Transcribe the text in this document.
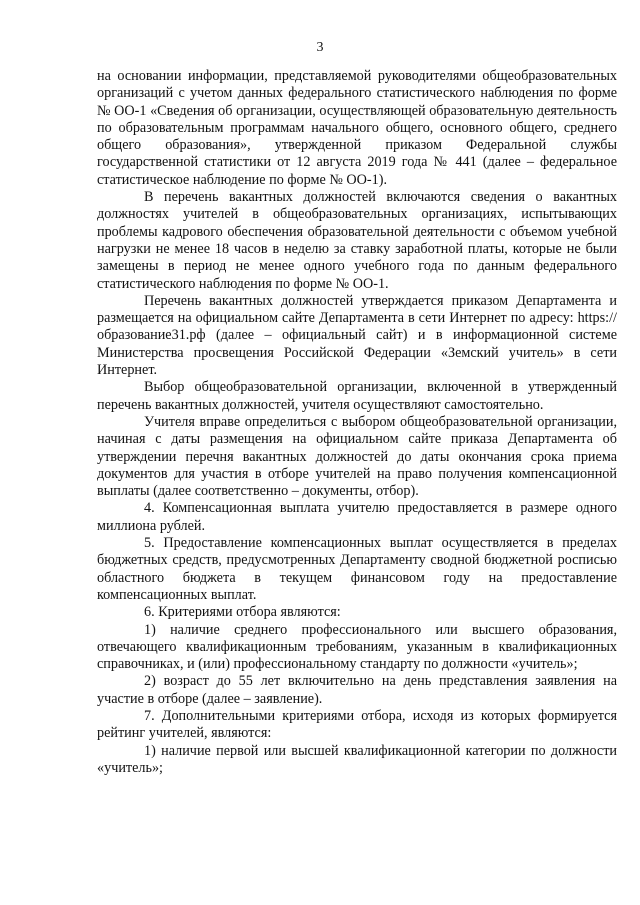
3

на основании информации, представляемой руководителями общеобразовательных организаций с учетом данных федерального статистического наблюдения по форме № ОО-1 «Сведения об организации, осуществляющей образовательную деятельность по образовательным программам начального общего, основного общего, среднего общего образования», утвержденной приказом Федеральной службы государственной статистики от 12 августа 2019 года № 441 (далее – федеральное статистическое наблюдение по форме № ОО-1).

В перечень вакантных должностей включаются сведения о вакантных должностях учителей в общеобразовательных организациях, испытывающих проблемы кадрового обеспечения образовательной деятельности с объемом учебной нагрузки не менее 18 часов в неделю за ставку заработной платы, которые не были замещены в период не менее одного учебного года по данным федерального статистического наблюдения по форме № ОО-1.

Перечень вакантных должностей утверждается приказом Департамента и размещается на официальном сайте Департамента в сети Интернет по адресу: https://образование31.рф (далее – официальный сайт) и в информационной системе Министерства просвещения Российской Федерации «Земский учитель» в сети Интернет.

Выбор общеобразовательной организации, включенной в утвержденный перечень вакантных должностей, учителя осуществляют самостоятельно.

Учителя вправе определиться с выбором общеобразовательной организации, начиная с даты размещения на официальном сайте приказа Департамента об утверждении перечня вакантных должностей до даты окончания срока приема документов для участия в отборе учителей на право получения компенсационной выплаты (далее соответственно – документы, отбор).

4. Компенсационная выплата учителю предоставляется в размере одного миллиона рублей.

5. Предоставление компенсационных выплат осуществляется в пределах бюджетных средств, предусмотренных Департаменту сводной бюджетной росписью областного бюджета в текущем финансовом году на предоставление компенсационных выплат.

6. Критериями отбора являются:

1) наличие среднего профессионального или высшего образования, отвечающего квалификационным требованиям, указанным в квалификационных справочниках, и (или) профессиональному стандарту по должности «учитель»;

2) возраст до 55 лет включительно на день представления заявления на участие в отборе (далее – заявление).

7. Дополнительными критериями отбора, исходя из которых формируется рейтинг учителей, являются:

1) наличие первой или высшей квалификационной категории по должности «учитель»;
